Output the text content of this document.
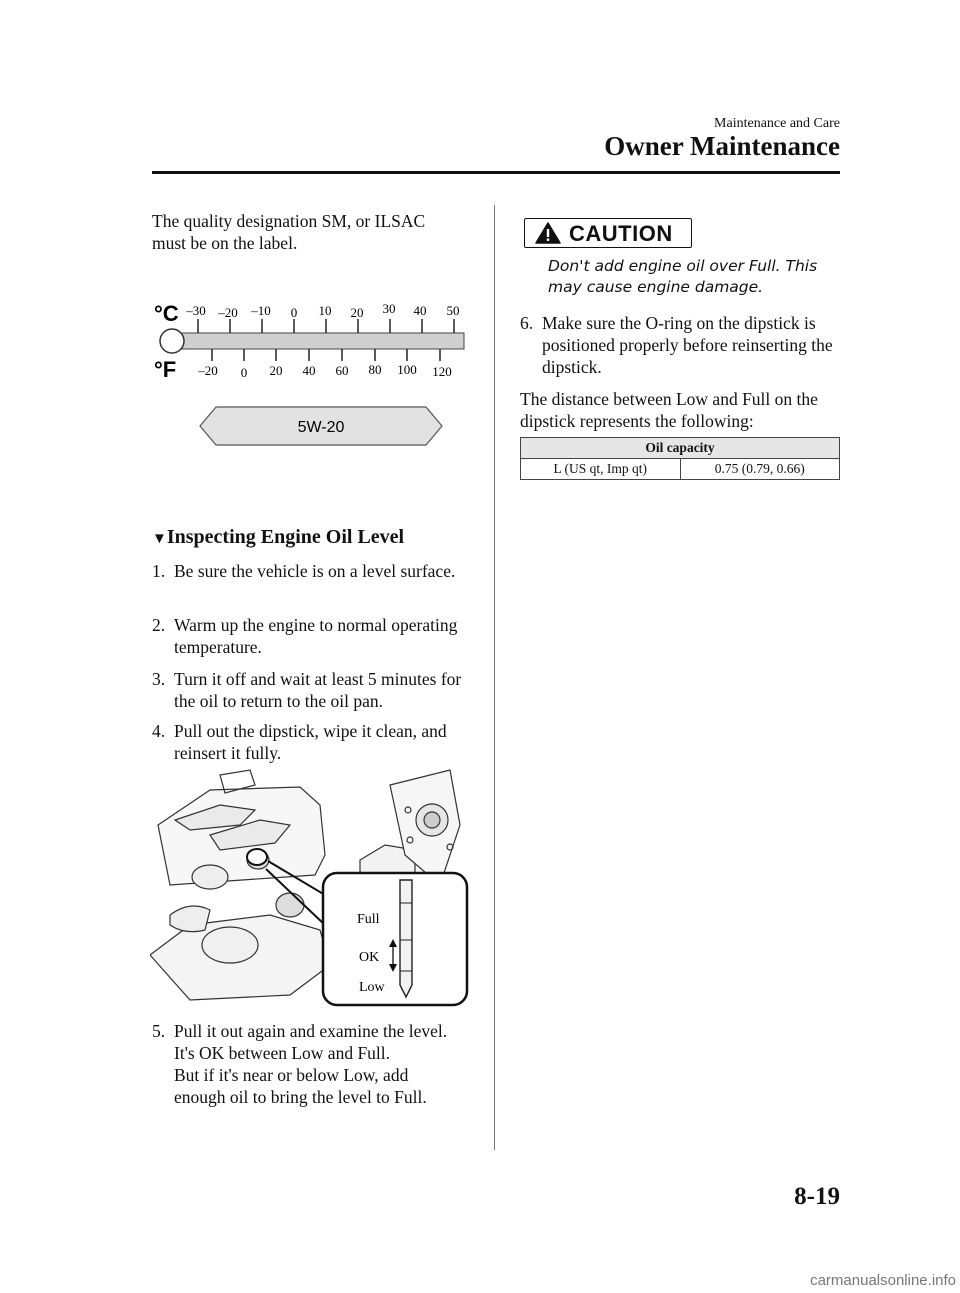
Maintenance and Care
Owner Maintenance
The quality designation SM, or ILSAC must be on the label.
°C
°F
–30 –20 –10 0 10 20 30 40 50
–20 0 20 40 60 80 100 120
5W-20
▼Inspecting Engine Oil Level
1. Be sure the vehicle is on a level surface.
2. Warm up the engine to normal operating temperature.
3. Turn it off and wait at least 5 minutes for the oil to return to the oil pan.
4. Pull out the dipstick, wipe it clean, and reinsert it fully.
Full
OK
Low
5. Pull it out again and examine the level.
It's OK between Low and Full.
But if it's near or below Low, add
enough oil to bring the level to Full.
CAUTION
Don't add engine oil over Full. This
may cause engine damage.
6. Make sure the O-ring on the dipstick is positioned properly before reinserting the dipstick.
The distance between Low and Full on the dipstick represents the following:
Oil capacity
L (US qt, Imp qt)	0.75 (0.79, 0.66)
8-19
carmanualsonline.info
